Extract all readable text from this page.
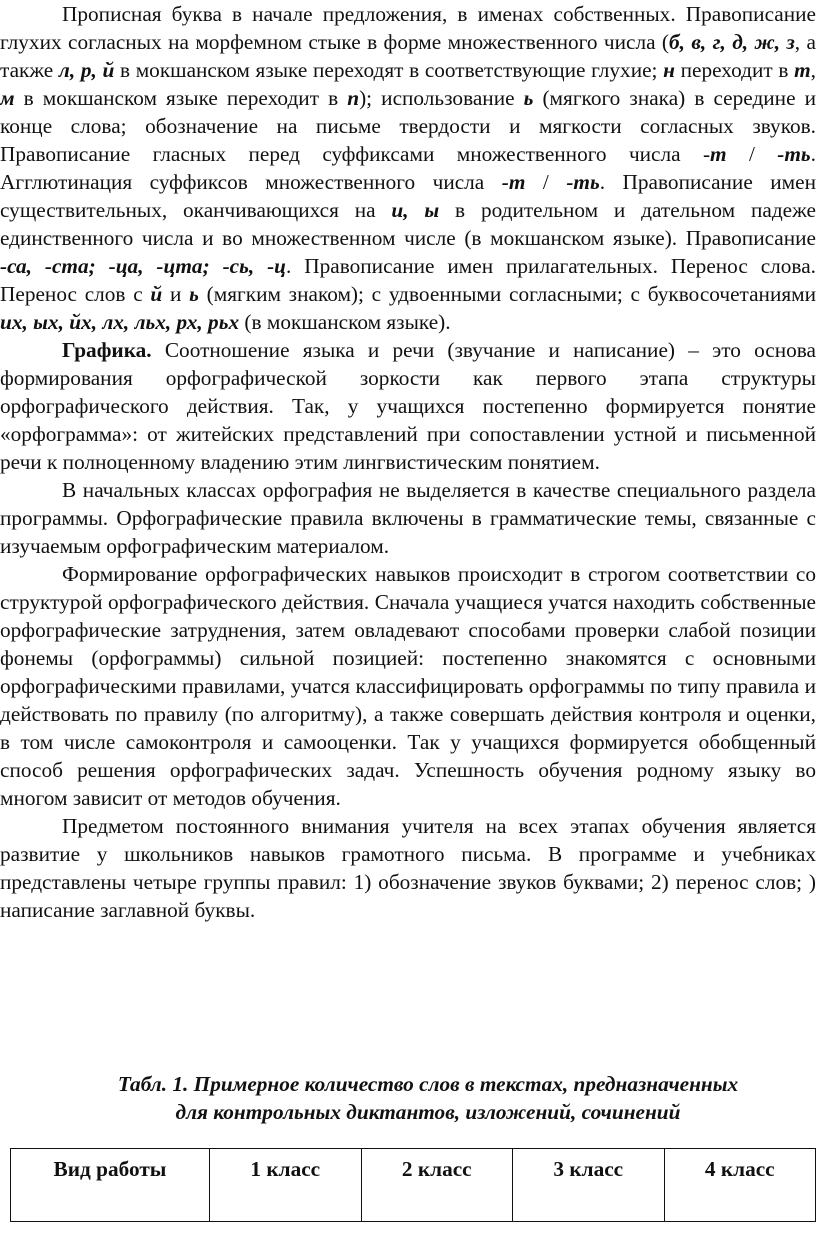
Прописная буква в начале предложения, в именах собственных. Правописание глухих согласных на морфемном стыке в форме множественного числа (б, в, г, д, ж, з, а также л, р, й в мокшанском языке переходят в соответствующие глухие; н переходит в т, м в мокшанском языке переходит в п); использование ь (мягкого знака) в середине и конце слова; обозначение на письме твердости и мягкости согласных звуков. Правописание гласных перед суффиксами множественного числа -т / -ть. Агглютинация суффиксов множественного числа -т / -ть. Правописание имен существительных, оканчивающихся на и, ы в родительном и дательном падеже единственного числа и во множественном числе (в мокшанском языке). Правописание -са, -ста; -ца, -цта; -сь, -ц. Правописание имен прилагательных. Перенос слова. Перенос слов с й и ь (мягким знаком); с удвоенными согласными; с буквосочетаниями их, ых, йх, лх, льх, рх, рьх (в мокшанском языке).

Графика. Соотношение языка и речи (звучание и написание) – это основа формирования орфографической зоркости как первого этапа структуры орфографического действия. Так, у учащихся постепенно формируется понятие «орфограмма»: от житейских представлений при сопоставлении устной и письменной речи к полноценному владению этим лингвистическим понятием.

В начальных классах орфография не выделяется в качестве специального раздела программы. Орфографические правила включены в грамматические темы, связанные с изучаемым орфографическим материалом.

Формирование орфографических навыков происходит в строгом соответствии со структурой орфографического действия. Сначала учащиеся учатся находить собственные орфографические затруднения, затем овладевают способами проверки слабой позиции фонемы (орфограммы) сильной позицией: постепенно знакомятся с основными орфографическими правилами, учатся классифицировать орфограммы по типу правила и действовать по правилу (по алгоритму), а также совершать действия контроля и оценки, в том числе самоконтроля и самооценки. Так у учащихся формируется обобщенный способ решения орфографических задач. Успешность обучения родному языку во многом зависит от методов обучения.

Предметом постоянного внимания учителя на всех этапах обучения является развитие у школьников навыков грамотного письма. В программе и учебниках представлены четыре группы правил: 1) обозначение звуков буквами; 2) перенос слов; ) написание заглавной буквы.

Табл. 1. Примерное количество слов в текстах, предназначенных
для контрольных диктантов, изложений, сочинений
Вид работы	1 класс	2 класс	3 класс	4 класс
